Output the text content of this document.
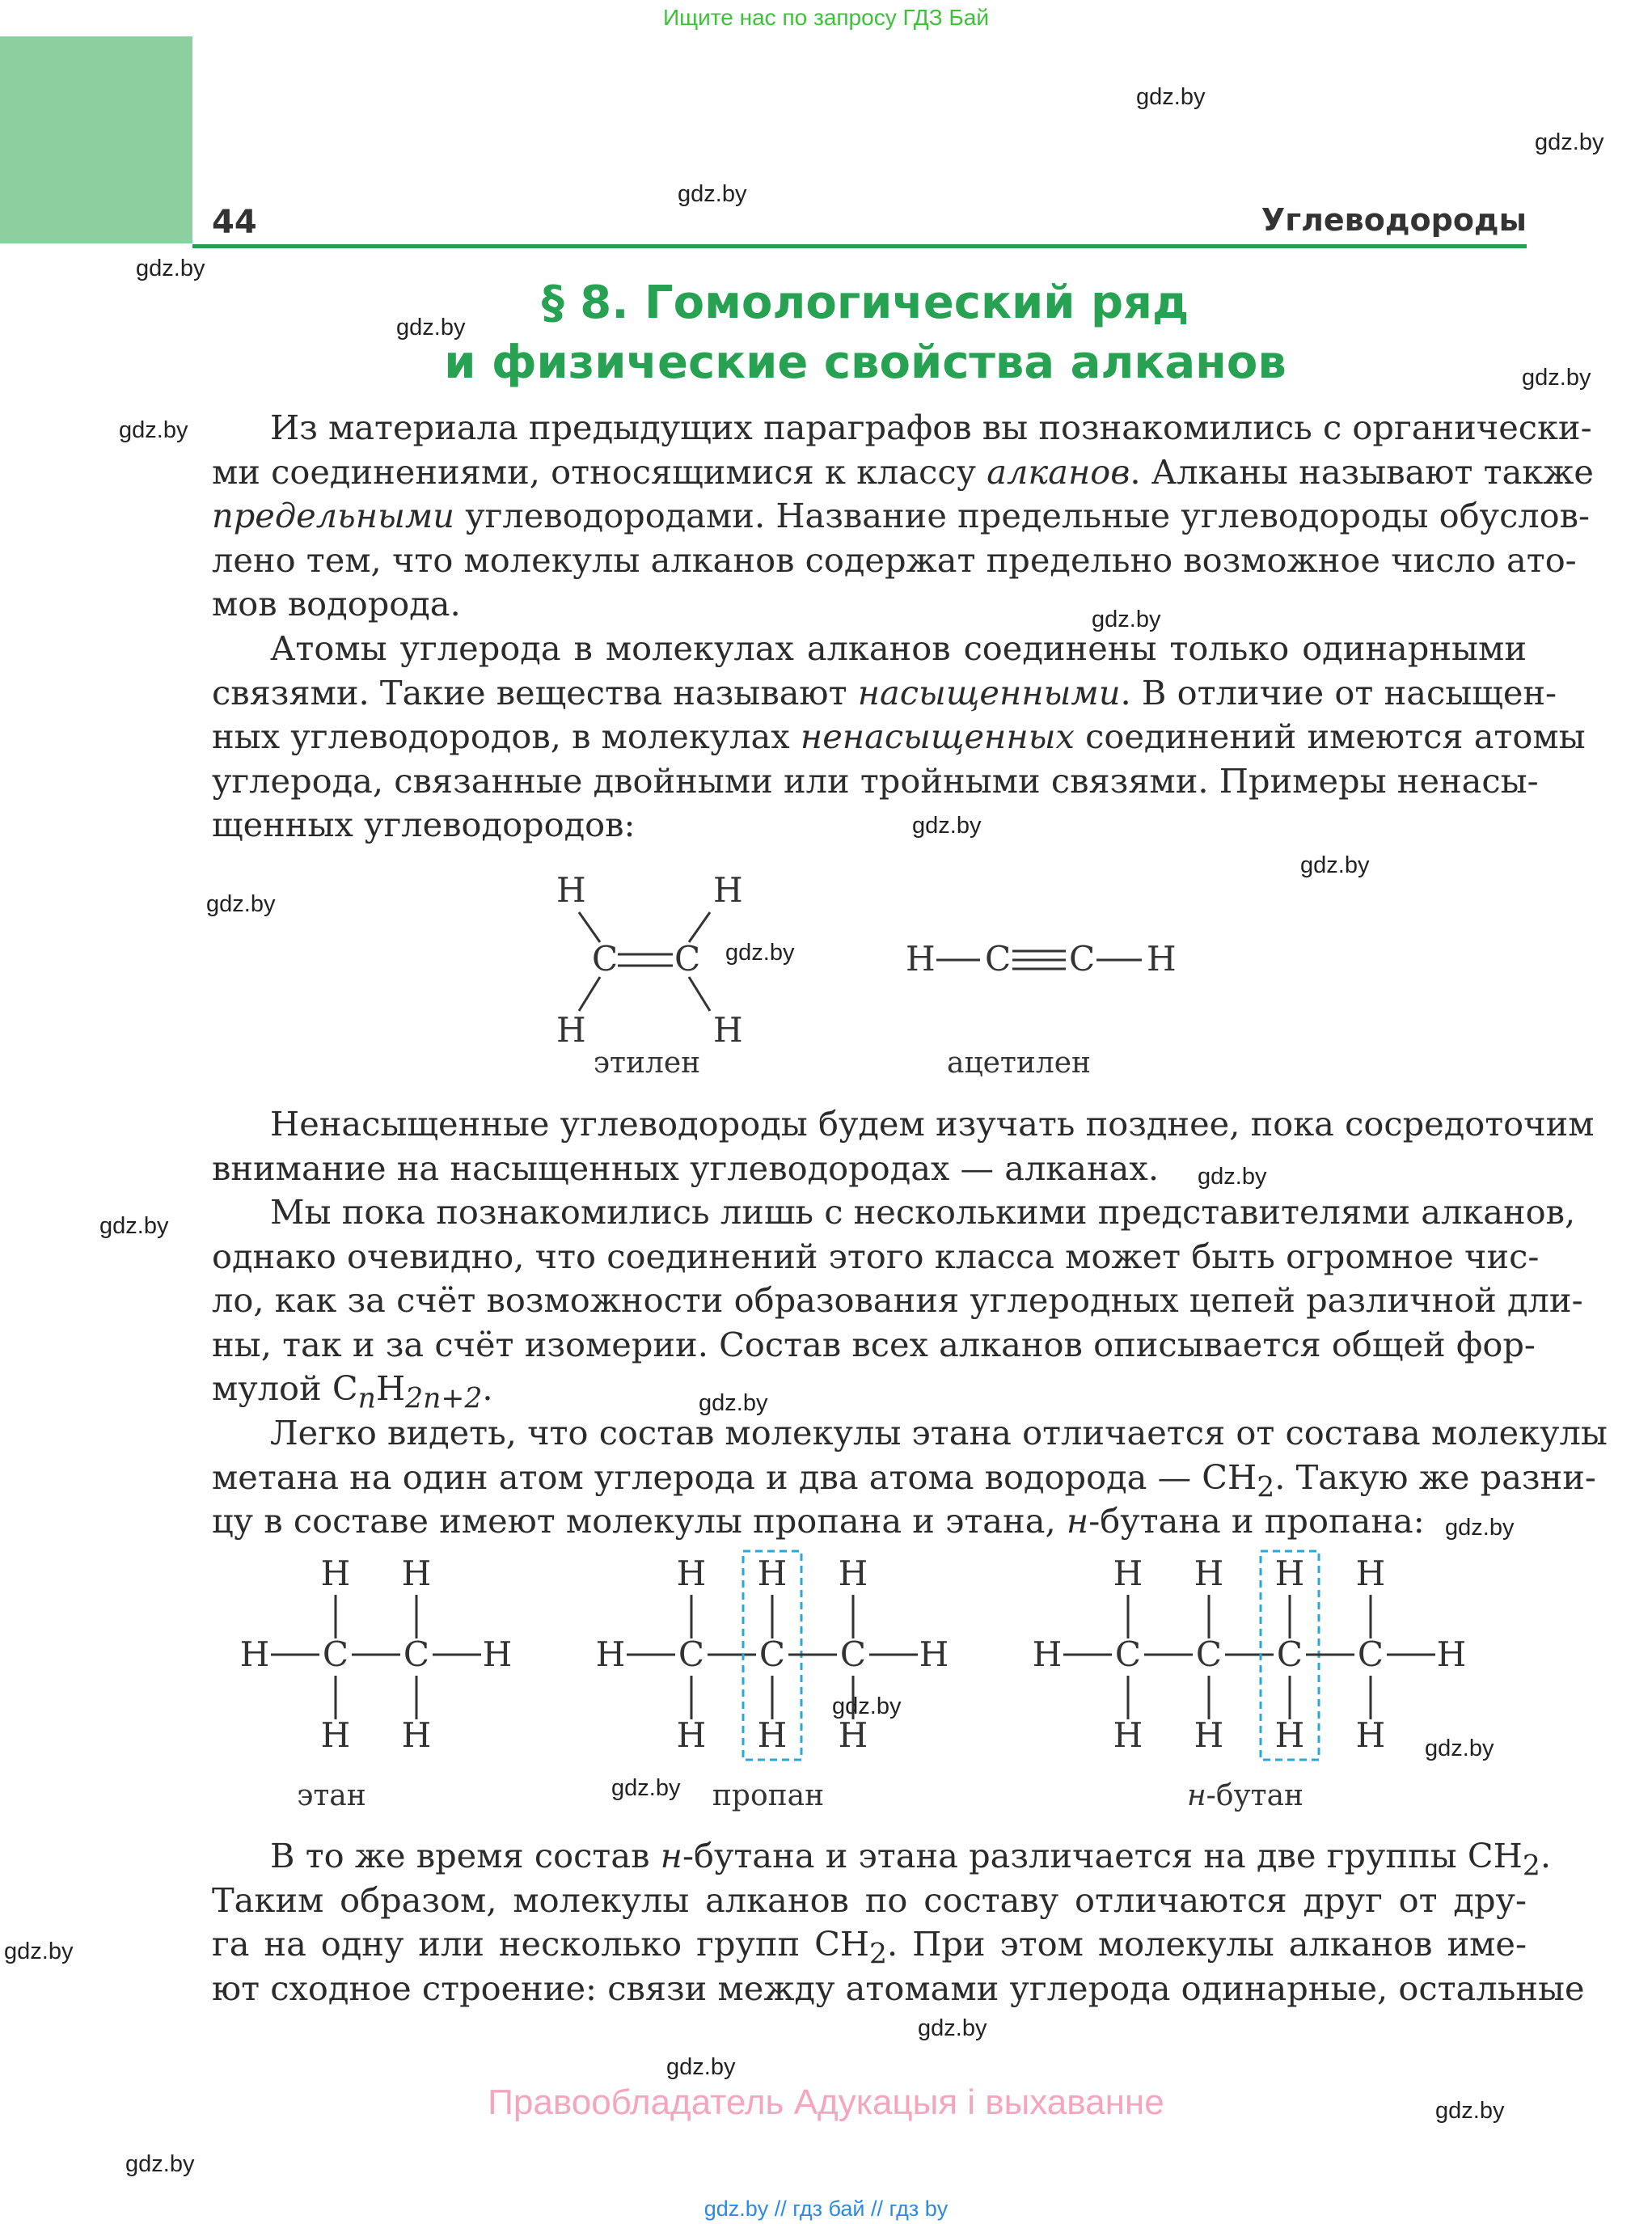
Ищите нас по запросу ГДЗ Бай
44	Углеводороды
§ 8. Гомологический ряд
и физические свойства алканов
gdz.by
gdz.by
gdz.by
gdz.by
gdz.by
gdz.by
gdz.by
gdz.by
gdz.by
gdz.by
gdz.by
gdz.by
gdz.by
gdz.by
gdz.by
gdz.by
gdz.by
gdz.by
gdz.by
gdz.by
gdz.by
gdz.by
gdz.by
gdz.by
Из материала предыдущих параграфов вы познакомились с органически-
ми соединениями, относящимися к классу алканов. Алканы называют также
предельными углеводородами. Название предельные углеводороды обуслов-
лено тем, что молекулы алканов содержат предельно возможное число ато-
мов водорода.
Атомы углерода в молекулах алканов соединены только одинарными
связями. Такие вещества называют насыщенными. В отличие от насыщен-
ных углеводородов, в молекулах ненасыщенных соединений имеются атомы
углерода, связанные двойными или тройными связями. Примеры ненасы-
щенных углеводородов:
H	H
C C
H	H
H C C H
этилен	ацетилен
Ненасыщенные углеводороды будем изучать позднее, пока сосредоточим
внимание на насыщенных углеводородах — алканах.
Мы пока познакомились лишь с несколькими представителями алканов,
однако очевидно, что соединений этого класса может быть огромное чис-
ло, как за счёт возможности образования углеродных цепей различной дли-
ны, так и за счёт изомерии. Состав всех алканов описывается общей фор-
мулой $C_nH_{2n+2}$.
Легко видеть, что состав молекулы этана отличается от состава молекулы
метана на один атом углерода и два атома водорода — $CH_2$. Такую же разни-
цу в составе имеют молекулы пропана и этана, н-бутана и пропана:
H C
H
H
C
H
H
H H C
H
H
C
H
H
C
H
H
H H C
H
H
C
H
H
C
H
H
C
H
H
H
этан	пропан	н-бутан
В то же время состав н-бутана и этана различается на две группы $CH_2$.
Таким образом, молекулы алканов по составу отличаются друг от дру-
га на одну или несколько групп $CH_2$. При этом молекулы алканов име-
ют сходное строение: связи между атомами углерода одинарные, остальные
Правообладатель Адукацыя і выхаванне
gdz.by // гдз бай // гдз by
